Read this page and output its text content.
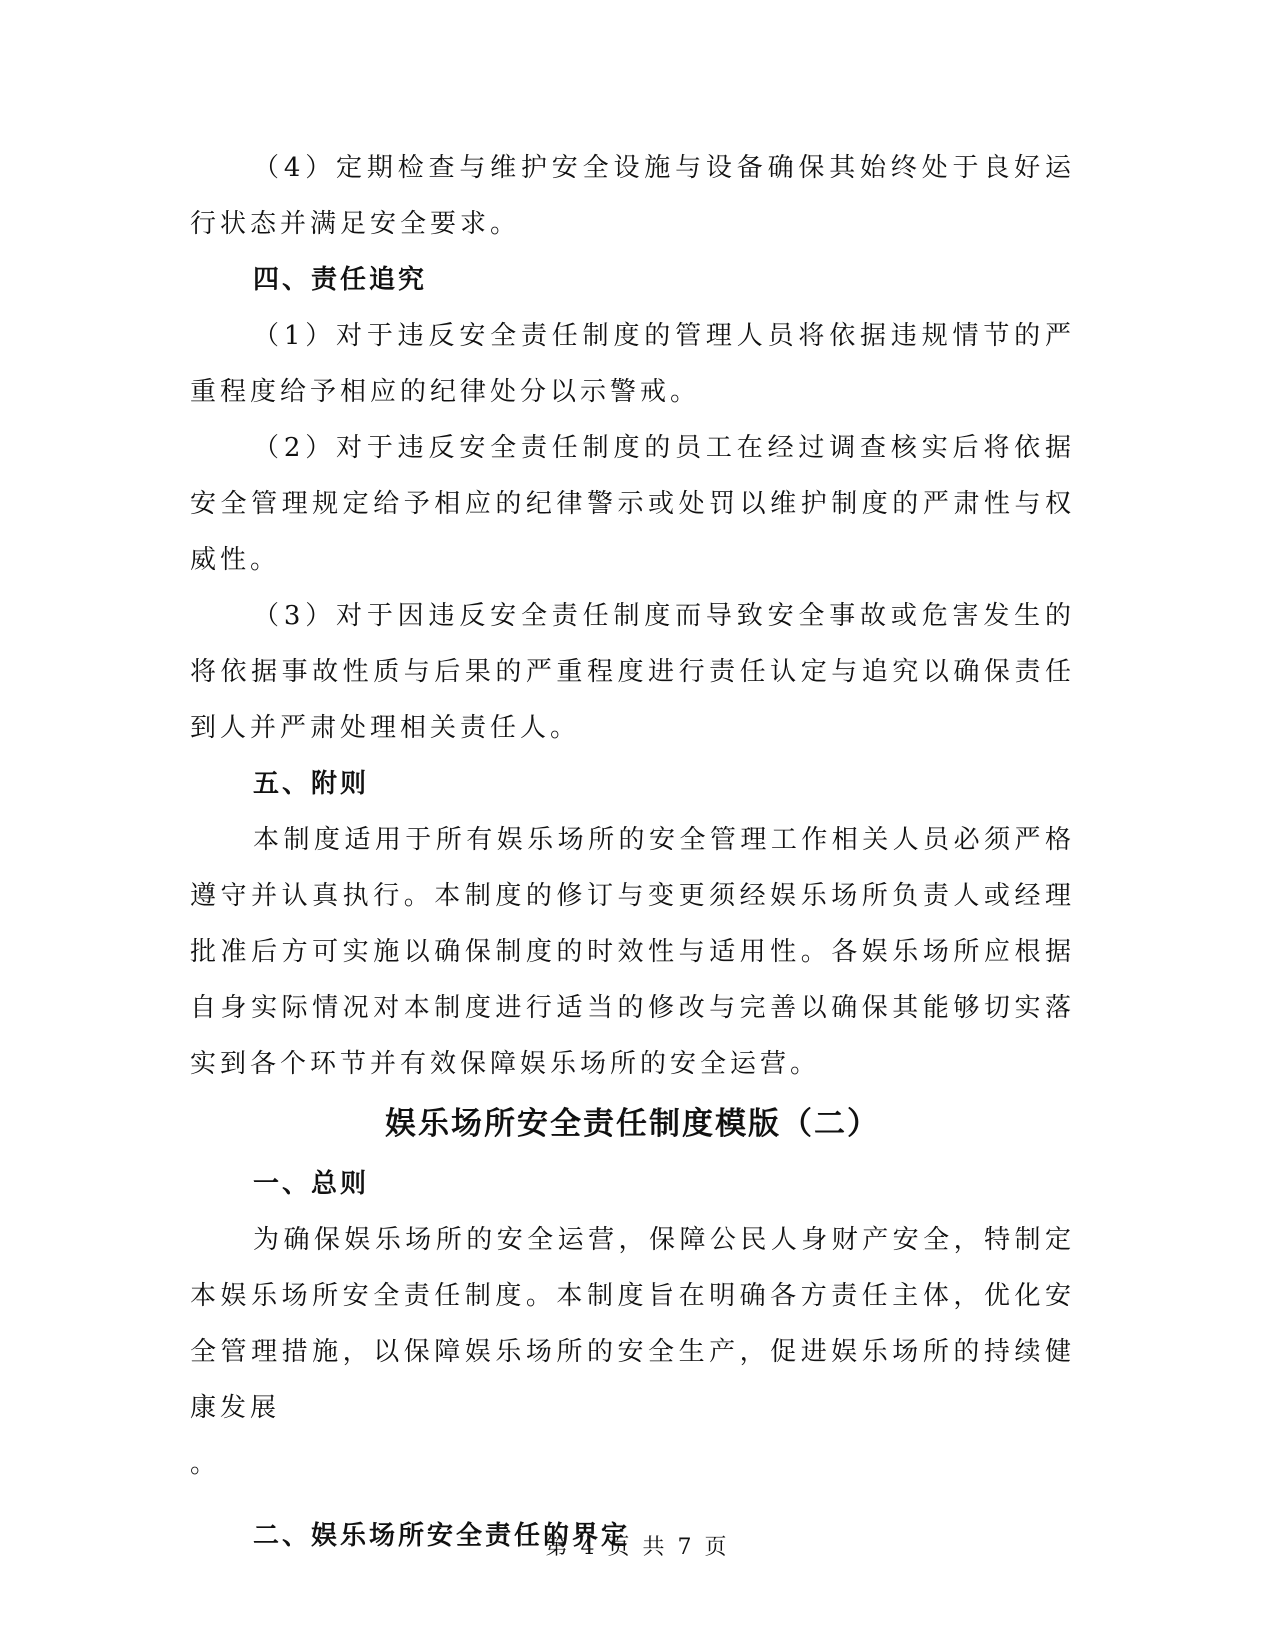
（4）定期检查与维护安全设施与设备确保其始终处于良好运行状态并满足安全要求。

四、责任追究

（1）对于违反安全责任制度的管理人员将依据违规情节的严重程度给予相应的纪律处分以示警戒。

（2）对于违反安全责任制度的员工在经过调查核实后将依据安全管理规定给予相应的纪律警示或处罚以维护制度的严肃性与权威性。

（3）对于因违反安全责任制度而导致安全事故或危害发生的将依据事故性质与后果的严重程度进行责任认定与追究以确保责任到人并严肃处理相关责任人。

五、附则

本制度适用于所有娱乐场所的安全管理工作相关人员必须严格遵守并认真执行。本制度的修订与变更须经娱乐场所负责人或经理批准后方可实施以确保制度的时效性与适用性。各娱乐场所应根据自身实际情况对本制度进行适当的修改与完善以确保其能够切实落实到各个环节并有效保障娱乐场所的安全运营。

娱乐场所安全责任制度模版（二）

一、总则

为确保娱乐场所的安全运营，保障公民人身财产安全，特制定本娱乐场所安全责任制度。本制度旨在明确各方责任主体，优化安全管理措施，以保障娱乐场所的安全生产，促进娱乐场所的持续健康发展

。

二、娱乐场所安全责任的界定

第 4 页 共 7 页
